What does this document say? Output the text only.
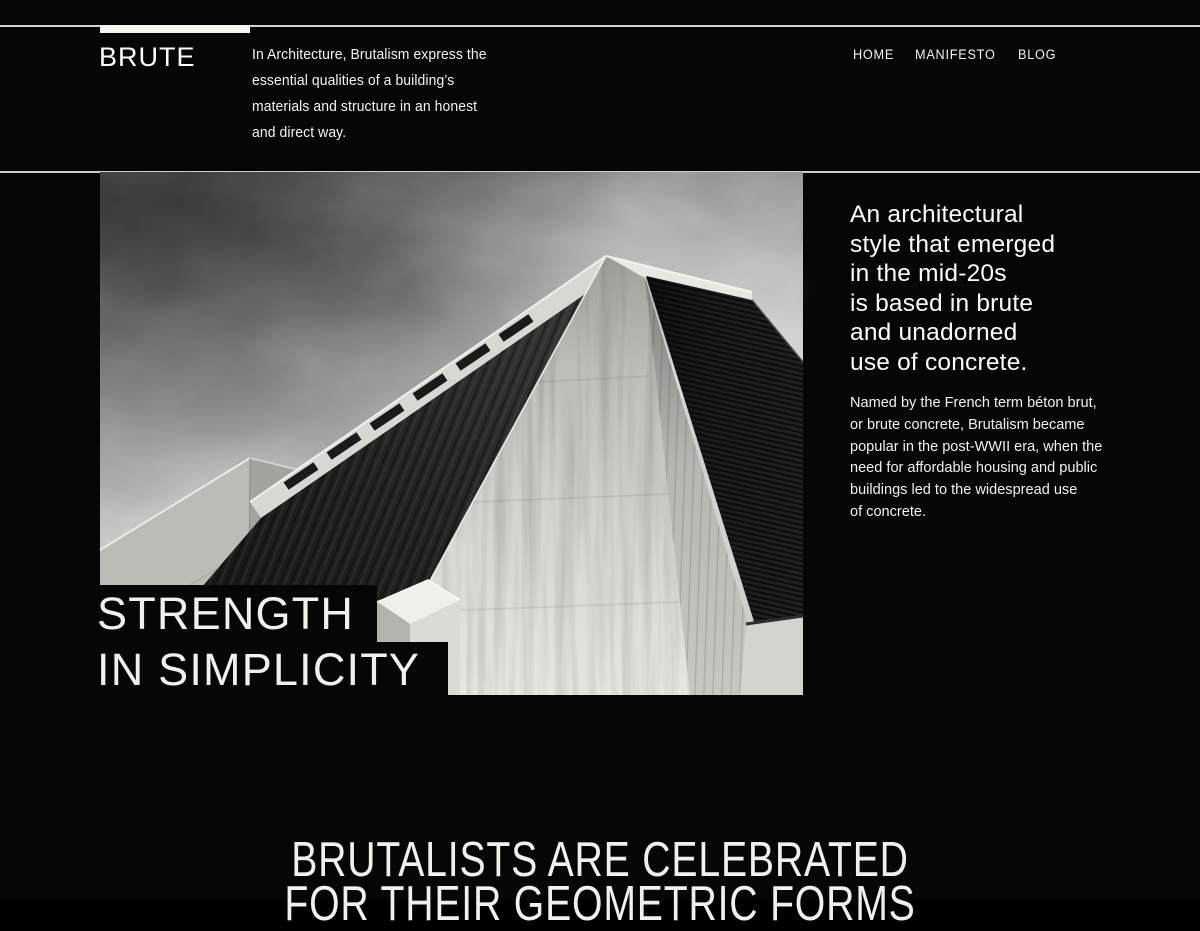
BRUTE	In Architecture, Brutalism express the
essential qualities of a building’s
materials and structure in an honest
and direct way.
HOME MANIFESTO BLOG
STRENGTH
IN SIMPLICITY
An architectural
style that emerged
in the mid-20s
is based in brute
and unadorned
use of concrete.
Named by the French term béton brut,
or brute concrete, Brutalism became
popular in the post-WWII era, when the
need for affordable housing and public
buildings led to the widespread use
of concrete.
BRUTALISTS ARE CELEBRATED
FOR THEIR GEOMETRIC FORMS
